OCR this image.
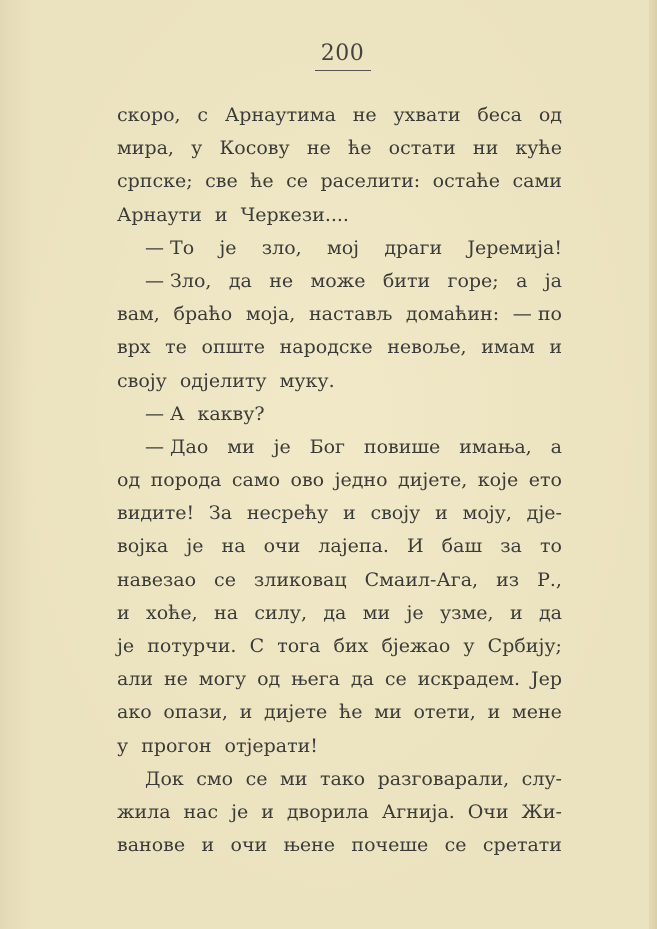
200
скоро, с Арнаутима не ухвати беса од
мира, у Косову не ће остати ни куће
српске; све ће се раселити: остаће сами
Арнаути и Черкези....
— То је зло, мој драги Јеремија!
— Зло, да не може бити горе; а ја
вам, браћо моја, настављ домаћин: — по
врх те опште народске невоље, имам и
своју одјелиту муку.
— А какву?
— Дао ми је Бог повише имања, а
од порода само ово једно дијете, које ето
видите! За несрећу и своју и моју, дје-
војка је на очи лајепа. И баш за то
навезао се зликовац Смаил-Ага, из Р.,
и хоће, на силу, да ми је узме, и да
је потурчи. С тога бих бјежао у Србију;
али не могу од њега да се искрадем. Јер
ако опази, и дијете ће ми отети, и мене
у прогон отјерати!
Док смо се ми тако разговарали, слу-
жила нас је и дворила Агнија. Очи Жи-
ванове и очи њене почеше се сретати
